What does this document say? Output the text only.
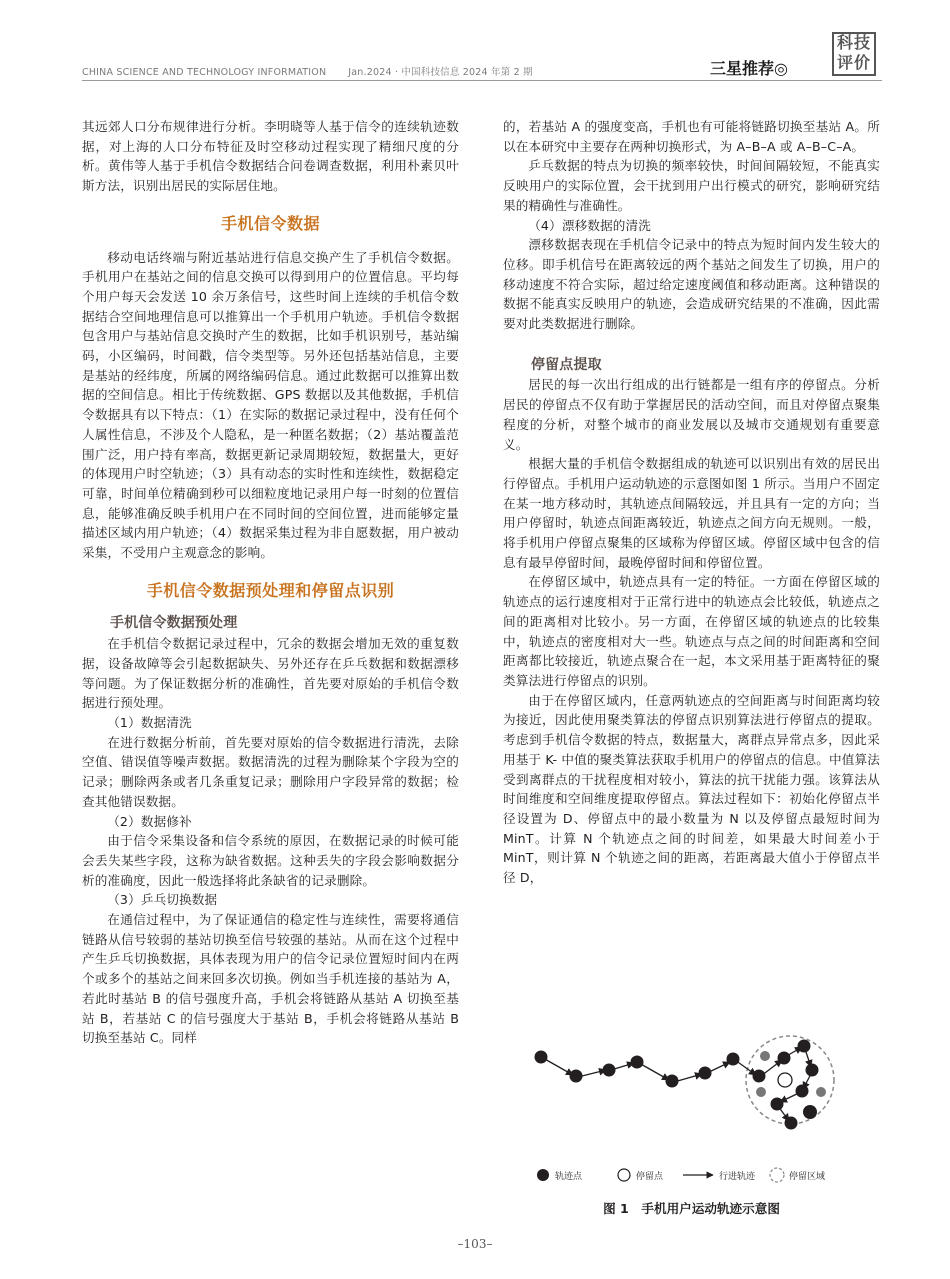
CHINA SCIENCE AND TECHNOLOGY INFORMATION Jan.2024 · 中国科技信息 2024 年第 2 期	三星推荐◎
科技
评价

其远郊人口分布规律进行分析。李明晓等人基于信令的连续轨迹数据，对上海的人口分布特征及时空移动过程实现了精细尺度的分析。黄伟等人基于手机信令数据结合问卷调查数据，利用朴素贝叶斯方法，识别出居民的实际居住地。

手机信令数据

移动电话终端与附近基站进行信息交换产生了手机信令数据。手机用户在基站之间的信息交换可以得到用户的位置信息。平均每个用户每天会发送 10 余万条信号，这些时间上连续的手机信令数据结合空间地理信息可以推算出一个手机用户轨迹。手机信令数据包含用户与基站信息交换时产生的数据，比如手机识别号，基站编码，小区编码，时间戳，信令类型等。另外还包括基站信息，主要是基站的经纬度，所属的网络编码信息。通过此数据可以推算出数据的空间信息。相比于传统数据、GPS 数据以及其他数据，手机信令数据具有以下特点：（1）在实际的数据记录过程中，没有任何个人属性信息，不涉及个人隐私，是一种匿名数据；（2）基站覆盖范围广泛，用户持有率高，数据更新记录周期较短，数据量大，更好的体现用户时空轨迹；（3）具有动态的实时性和连续性，数据稳定可靠，时间单位精确到秒可以细粒度地记录用户每一时刻的位置信息，能够准确反映手机用户在不同时间的空间位置，进而能够定量描述区域内用户轨迹；（4）数据采集过程为非自愿数据，用户被动采集，不受用户主观意念的影响。

手机信令数据预处理和停留点识别
手机信令数据预处理

在手机信令数据记录过程中，冗余的数据会增加无效的重复数据，设备故障等会引起数据缺失、另外还存在乒乓数据和数据漂移等问题。为了保证数据分析的准确性，首先要对原始的手机信令数据进行预处理。

（1）数据清洗

在进行数据分析前，首先要对原始的信令数据进行清洗，去除空值、错误值等噪声数据。数据清洗的过程为删除某个字段为空的记录；删除两条或者几条重复记录；删除用户字段异常的数据；检查其他错误数据。

（2）数据修补

由于信令采集设备和信令系统的原因，在数据记录的时候可能会丢失某些字段，这称为缺省数据。这种丢失的字段会影响数据分析的准确度，因此一般选择将此条缺省的记录删除。

（3）乒乓切换数据

在通信过程中，为了保证通信的稳定性与连续性，需要将通信链路从信号较弱的基站切换至信号较强的基站。从而在这个过程中产生乒乓切换数据，具体表现为用户的信令记录位置短时间内在两个或多个的基站之间来回多次切换。例如当手机连接的基站为 A，若此时基站 B 的信号强度升高，手机会将链路从基站 A 切换至基站 B，若基站 C 的信号强度大于基站 B，手机会将链路从基站 B 切换至基站 C。同样

的，若基站 A 的强度变高，手机也有可能将链路切换至基站 A。所以在本研究中主要存在两种切换形式，为 A–B–A 或 A–B–C–A。

乒乓数据的特点为切换的频率较快，时间间隔较短，不能真实反映用户的实际位置，会干扰到用户出行模式的研究，影响研究结果的精确性与准确性。

（4）漂移数据的清洗

漂移数据表现在手机信令记录中的特点为短时间内发生较大的位移。即手机信号在距离较远的两个基站之间发生了切换，用户的移动速度不符合实际，超过给定速度阈值和移动距离。这种错误的数据不能真实反映用户的轨迹，会造成研究结果的不准确，因此需要对此类数据进行删除。

停留点提取

居民的每一次出行组成的出行链都是一组有序的停留点。分析居民的停留点不仅有助于掌握居民的活动空间，而且对停留点聚集程度的分析，对整个城市的商业发展以及城市交通规划有重要意义。

根据大量的手机信令数据组成的轨迹可以识别出有效的居民出行停留点。手机用户运动轨迹的示意图如图 1 所示。当用户不固定在某一地方移动时，其轨迹点间隔较远，并且具有一定的方向；当用户停留时，轨迹点间距离较近，轨迹点之间方向无规则。一般，将手机用户停留点聚集的区域称为停留区域。停留区域中包含的信息有最早停留时间，最晚停留时间和停留位置。

在停留区域中，轨迹点具有一定的特征。一方面在停留区域的轨迹点的运行速度相对于正常行进中的轨迹点会比较低，轨迹点之间的距离相对比较小。另一方面，在停留区域的轨迹点的比较集中，轨迹点的密度相对大一些。轨迹点与点之间的时间距离和空间距离都比较接近，轨迹点聚合在一起，本文采用基于距离特征的聚类算法进行停留点的识别。

由于在停留区域内，任意两轨迹点的空间距离与时间距离均较为接近，因此使用聚类算法的停留点识别算法进行停留点的提取。考虑到手机信令数据的特点，数据量大，离群点异常点多，因此采用基于 K- 中值的聚类算法获取手机用户的停留点的信息。中值算法受到离群点的干扰程度相对较小，算法的抗干扰能力强。该算法从时间维度和空间维度提取停留点。算法过程如下：初始化停留点半径设置为 D、停留点中的最小数量为 N 以及停留点最短时间为 MinT。计算 N 个轨迹点之间的时间差，如果最大时间差小于 MinT，则计算 N 个轨迹之间的距离，若距离最大值小于停留点半径 D，

轨迹点	停留点	行进轨迹	停留区域
图 1　手机用户运动轨迹示意图
–103–
